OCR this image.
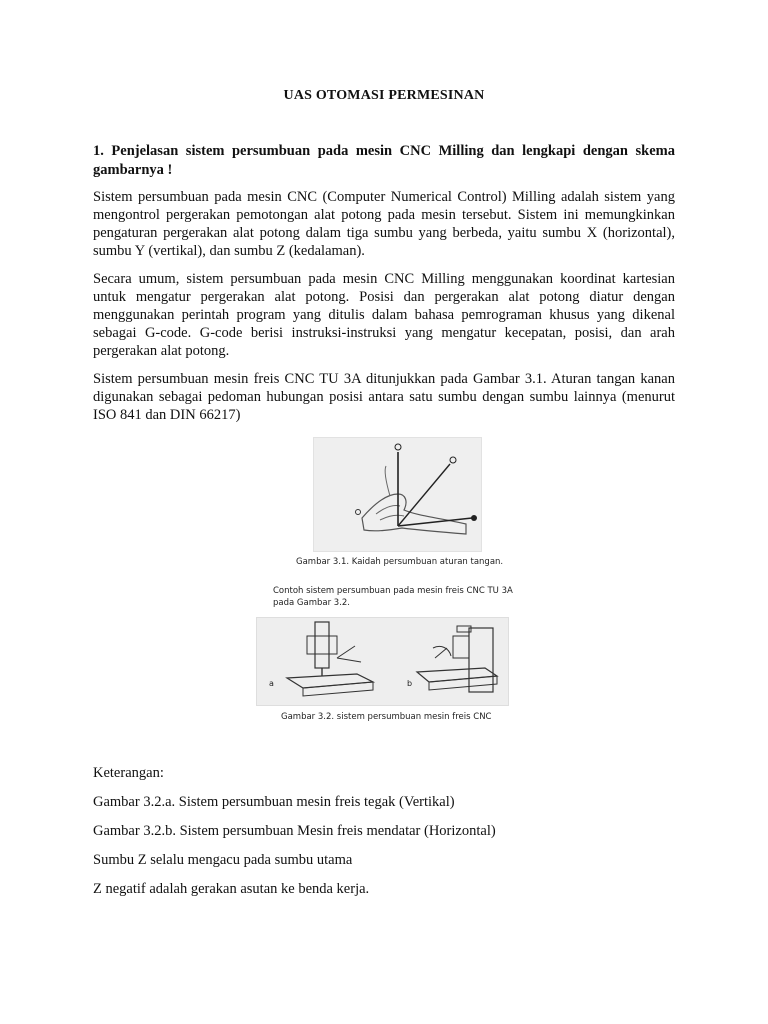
UAS OTOMASI PERMESINAN
1. Penjelasan sistem persumbuan pada mesin CNC Milling dan lengkapi dengan skema gambarnya !

Sistem persumbuan pada mesin CNC (Computer Numerical Control) Milling adalah sistem yang mengontrol pergerakan pemotongan alat potong pada mesin tersebut. Sistem ini memungkinkan pengaturan pergerakan alat potong dalam tiga sumbu yang berbeda, yaitu sumbu X (horizontal), sumbu Y (vertikal), dan sumbu Z (kedalaman).

Secara umum, sistem persumbuan pada mesin CNC Milling menggunakan koordinat kartesian untuk mengatur pergerakan alat potong. Posisi dan pergerakan alat potong diatur dengan menggunakan perintah program yang ditulis dalam bahasa pemrograman khusus yang dikenal sebagai G-code. G-code berisi instruksi-instruksi yang mengatur kecepatan, posisi, dan arah pergerakan alat potong.

Sistem persumbuan mesin freis CNC TU 3A ditunjukkan pada Gambar 3.1. Aturan tangan kanan digunakan sebagai pedoman hubungan posisi antara satu sumbu dengan sumbu lainnya (menurut ISO 841 dan DIN 66217)

Gambar 3.1. Kaidah persumbuan aturan tangan.
Contoh sistem persumbuan pada mesin freis CNC TU 3A pada Gambar 3.2.
a	b
Gambar 3.2. sistem persumbuan mesin freis CNC

Keterangan:

Gambar 3.2.a. Sistem persumbuan mesin freis tegak (Vertikal)

Gambar 3.2.b. Sistem persumbuan Mesin freis mendatar (Horizontal)

Sumbu Z selalu mengacu pada sumbu utama

Z negatif adalah gerakan asutan ke benda kerja.
